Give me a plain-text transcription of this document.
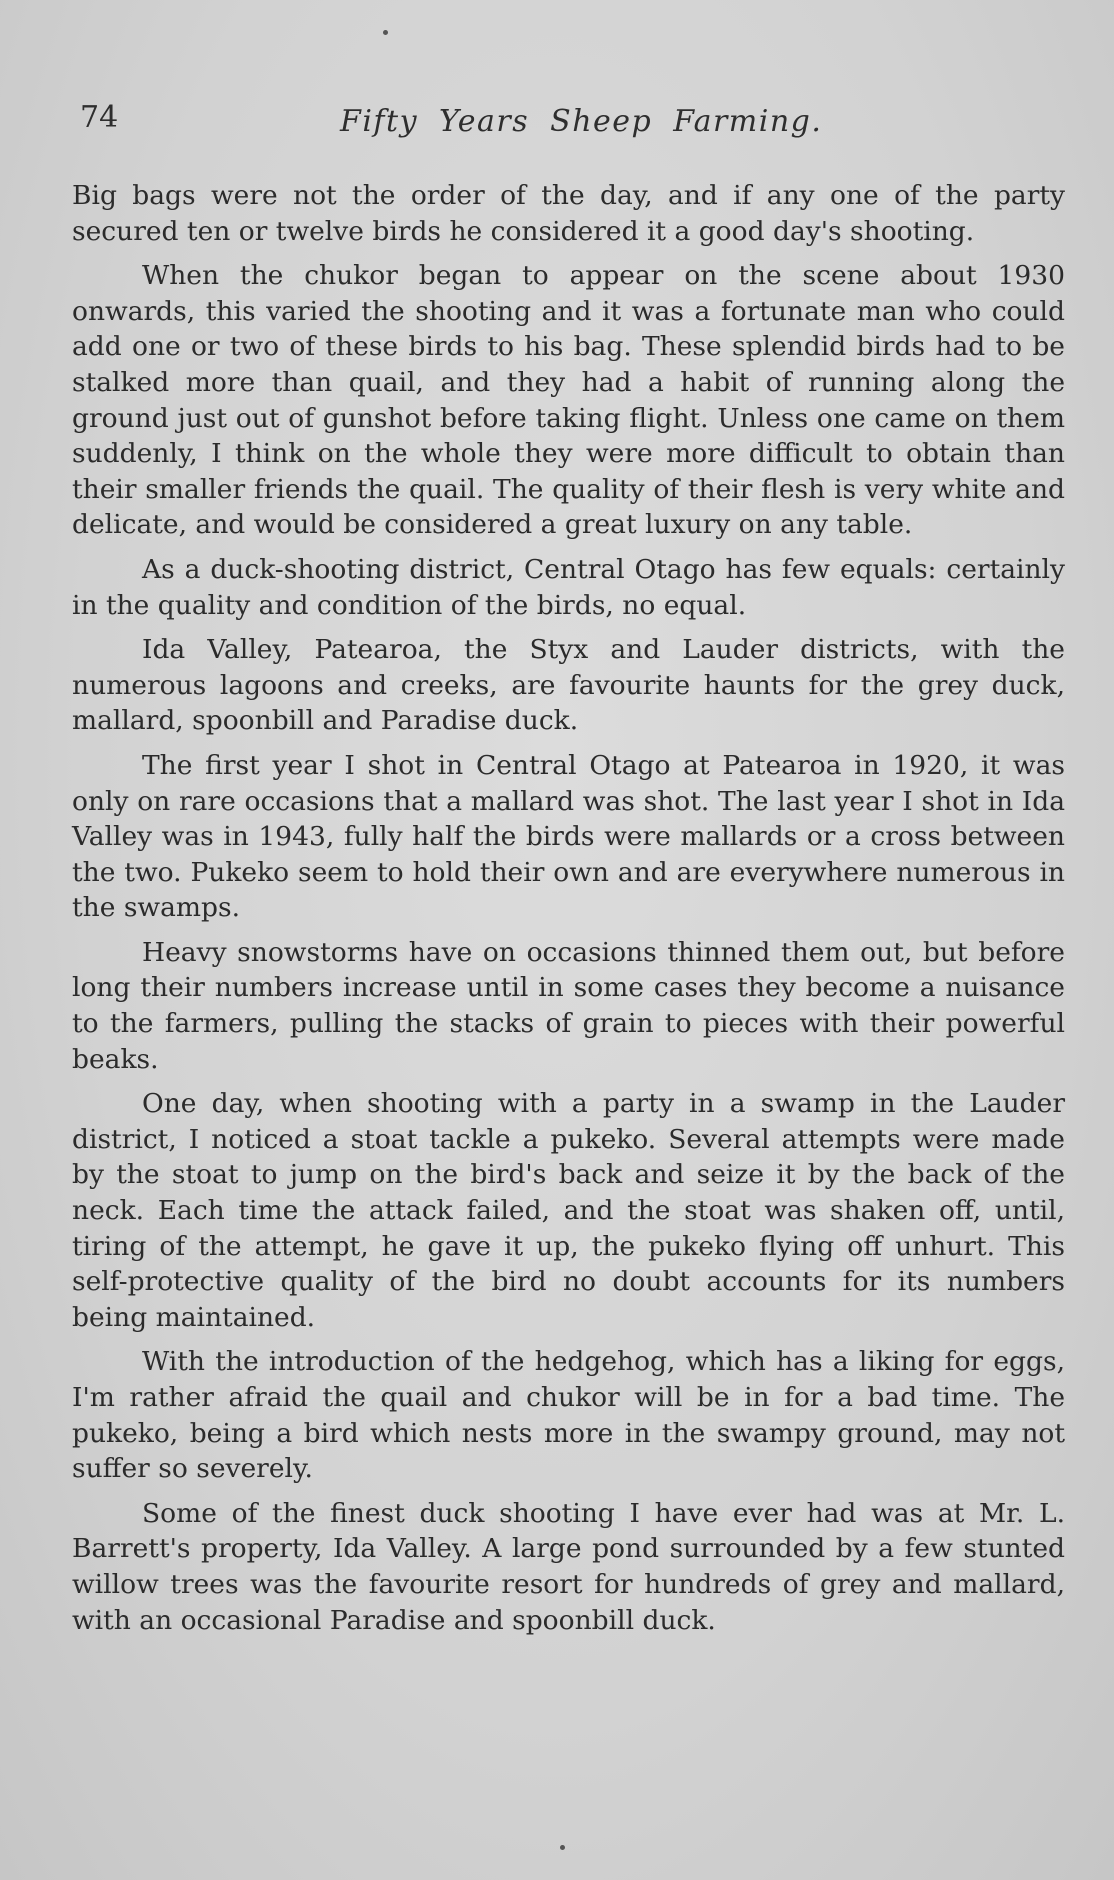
74	Fifty Years Sheep Farming.

Big bags were not the order of the day, and if any one of the party secured ten or twelve birds he considered it a good day's shooting.

When the chukor began to appear on the scene about 1930 onwards, this varied the shooting and it was a fortunate man who could add one or two of these birds to his bag. These splendid birds had to be stalked more than quail, and they had a habit of running along the ground just out of gunshot before taking flight. Unless one came on them suddenly, I think on the whole they were more difficult to obtain than their smaller friends the quail. The quality of their flesh is very white and delicate, and would be considered a great luxury on any table.

As a duck-shooting district, Central Otago has few equals: certainly in the quality and condition of the birds, no equal.

Ida Valley, Patearoa, the Styx and Lauder districts, with the numerous lagoons and creeks, are favourite haunts for the grey duck, mallard, spoonbill and Paradise duck.

The first year I shot in Central Otago at Patearoa in 1920, it was only on rare occasions that a mallard was shot. The last year I shot in Ida Valley was in 1943, fully half the birds were mallards or a cross between the two. Pukeko seem to hold their own and are everywhere numerous in the swamps.

Heavy snowstorms have on occasions thinned them out, but before long their numbers increase until in some cases they become a nuisance to the farmers, pulling the stacks of grain to pieces with their powerful beaks.

One day, when shooting with a party in a swamp in the Lauder district, I noticed a stoat tackle a pukeko. Several attempts were made by the stoat to jump on the bird's back and seize it by the back of the neck. Each time the attack failed, and the stoat was shaken off, until, tiring of the attempt, he gave it up, the pukeko flying off unhurt. This self-protective quality of the bird no doubt accounts for its numbers being maintained.

With the introduction of the hedgehog, which has a liking for eggs, I'm rather afraid the quail and chukor will be in for a bad time. The pukeko, being a bird which nests more in the swampy ground, may not suffer so severely.

Some of the finest duck shooting I have ever had was at Mr. L. Barrett's property, Ida Valley. A large pond surrounded by a few stunted willow trees was the favourite resort for hundreds of grey and mallard, with an occasional Paradise and spoonbill duck.
